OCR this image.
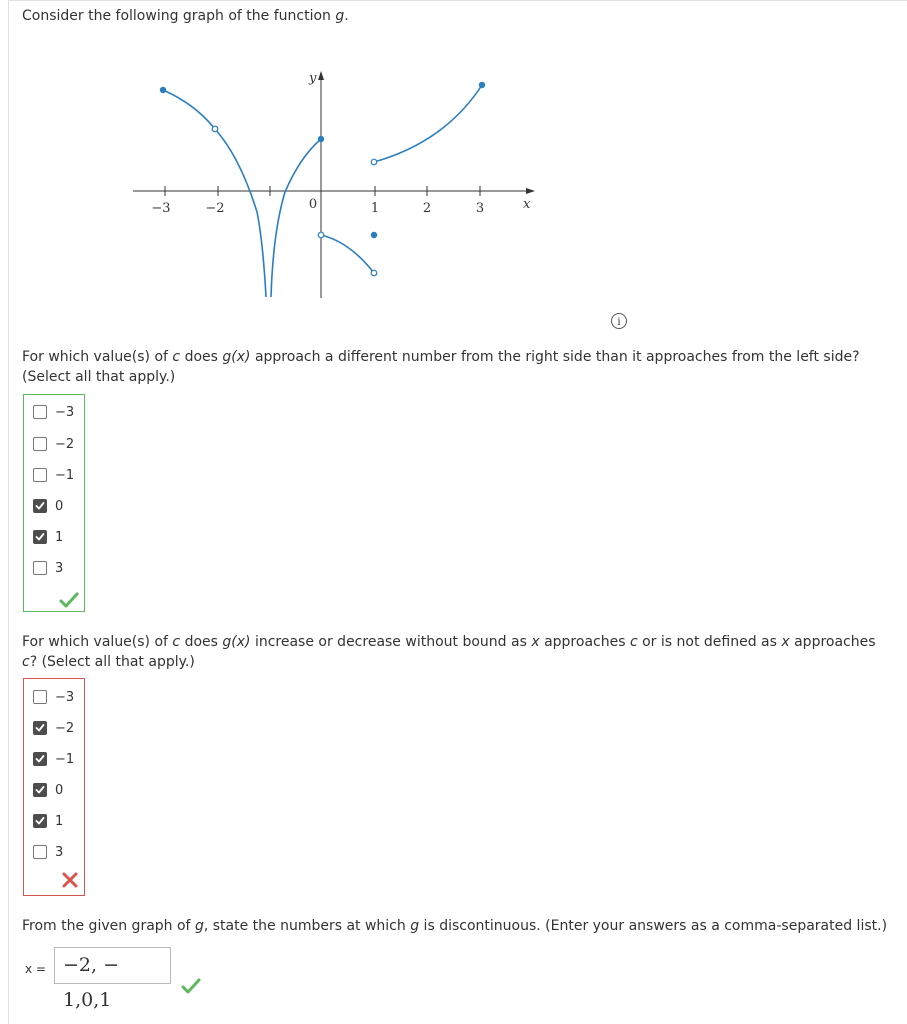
Consider the following graph of the function g.
−3	−2	0	1	2	3	x
y
i
For which value(s) of c does g(x) approach a different number from the right side than it approaches from the left side?
(Select all that apply.)
−3
−2
−1
0
1
3
For which value(s) of c does g(x) increase or decrease without bound as x approaches c or is not defined as x approaches
c? (Select all that apply.)
−3
−2
−1
0
1
3
From the given graph of g, state the numbers at which g is discontinuous. (Enter your answers as a comma-separated list.)
x = −2, − 1,0,1
